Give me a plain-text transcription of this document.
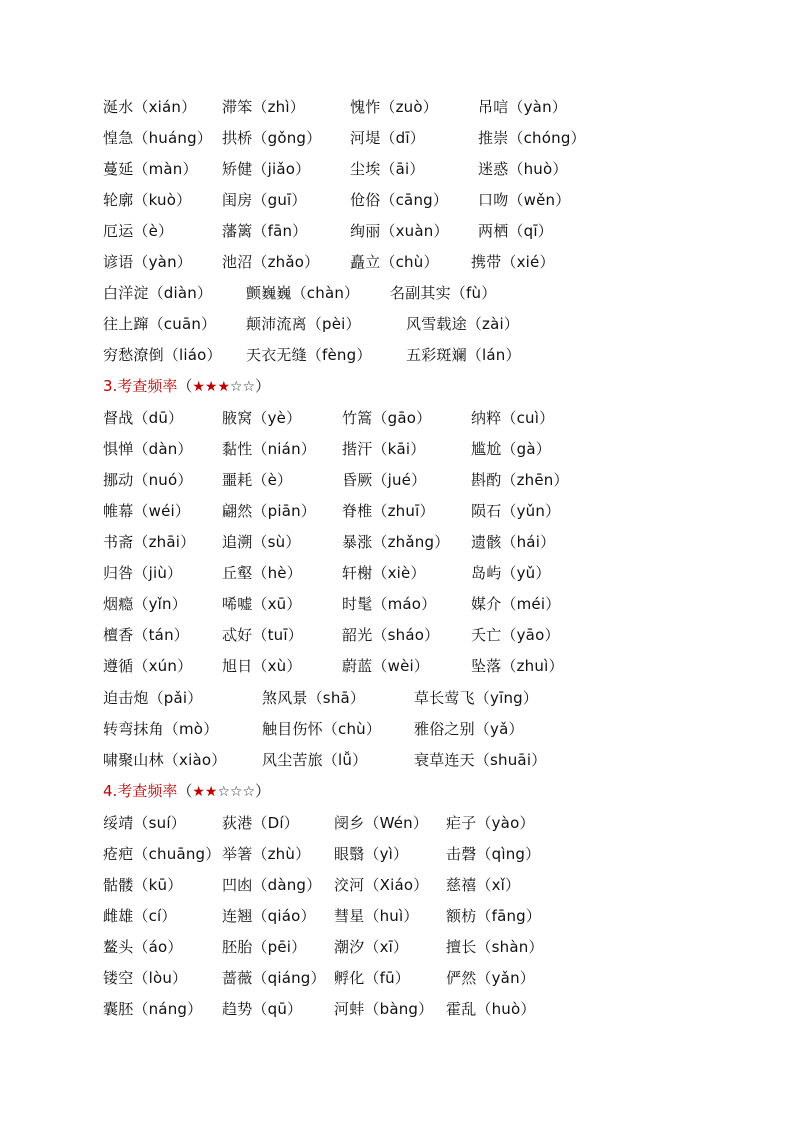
涎水（xián） 滞笨（zhì）	愧怍（zuò）	吊唁（yàn）
惶急（huáng） 拱桥（gǒng） 河堤（dī）	推崇（chóng）
蔓延（màn） 矫健（jiǎo）	尘埃（āi）	迷惑（huò）
轮廓（kuò） 闺房（guī）	伧俗（cāng） 口吻（wěn）
厄运（è）	藩篱（fān）	绚丽（xuàn） 两栖（qī）
谚语（yàn） 池沼（zhǎo） 矗立（chù） 携带（xié）
白洋淀（diàn） 颤巍巍（chàn） 名副其实（fù）
往上蹿（cuān） 颠沛流离（pèi）	风雪载途（zài）
穷愁潦倒（liáo） 天衣无缝（fèng） 五彩斑斓（lán）
3.考查频率（★★★☆☆）
督战（dū）	腋窝（yè）	竹篙（gāo）	纳粹（cuì）
惧惮（dàn） 黏性（nián） 揩汗（kāi）	尴尬（gà）
挪动（nuó） 噩耗（è）	昏厥（jué）	斟酌（zhēn）
帷幕（wéi） 翩然（piān） 脊椎（zhuī） 陨石（yǔn）
书斋（zhāi） 追溯（sù）	暴涨（zhǎng） 遗骸（hái）
归咎（jiù）	丘壑（hè）	轩榭（xiè）	岛屿（yǔ）
烟瘾（yǐn） 唏嘘（xū）	时髦（máo） 媒介（méi）
檀香（tán） 忒好（tuī）	韶光（sháo） 夭亡（yāo）
遵循（xún） 旭日（xù）	蔚蓝（wèi）	坠落（zhuì）
迫击炮（pǎi）	煞风景（shā）	草长莺飞（yīng）
转弯抹角（mò）	触目伤怀（chù） 雅俗之别（yǎ）
啸聚山林（xiào） 风尘苦旅（lǚ）	衰草连天（shuāi）
4.考查频率（★★☆☆☆）
绥靖（suí） 荻港（Dí） 阌乡（Wén） 疟子（yào）
疮疤（chuāng） 举箸（zhù） 眼翳（yì）	击磬（qìng）
骷髅（kū）	凹凼（dàng） 洨河（Xiáo） 慈禧（xǐ）
雌雄（cí）	连翘（qiáo） 彗星（huì） 额枋（fāng）
鳌头（áo）	胚胎（pēi） 潮汐（xī）	擅长（shàn）
镂空（lòu） 蔷薇（qiáng） 孵化（fū） 俨然（yǎn）
囊胚（náng） 趋势（qū） 河蚌（bàng） 霍乱（huò）
